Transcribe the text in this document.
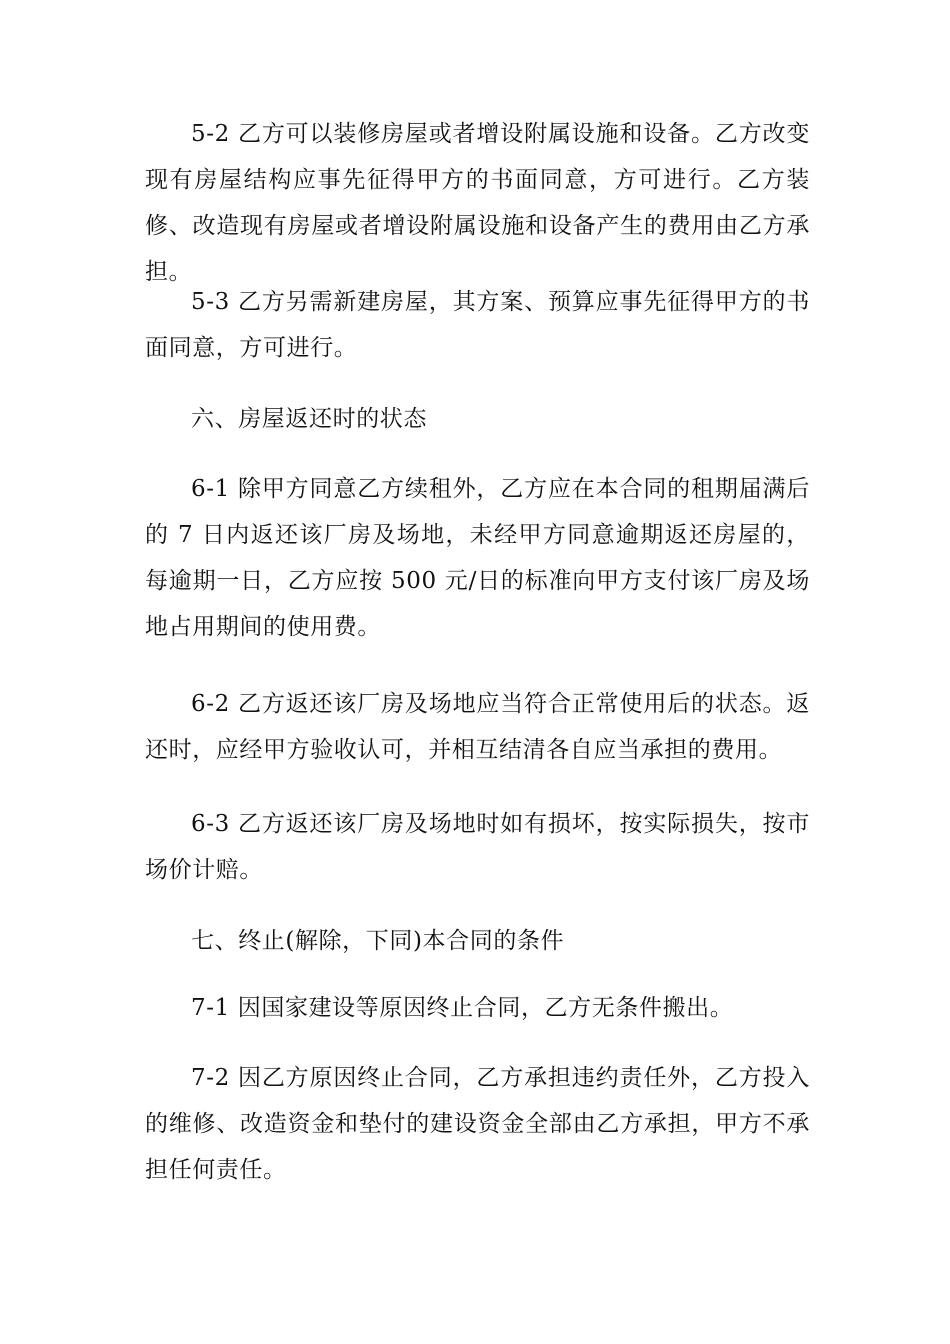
5-2 乙方可以装修房屋或者增设附属设施和设备。乙方改变现有房屋结构应事先征得甲方的书面同意，方可进行。乙方装修、改造现有房屋或者增设附属设施和设备产生的费用由乙方承担。

5-3 乙方另需新建房屋，其方案、预算应事先征得甲方的书面同意，方可进行。

六、房屋返还时的状态

6-1 除甲方同意乙方续租外，乙方应在本合同的租期届满后的 7 日内返还该厂房及场地，未经甲方同意逾期返还房屋的，每逾期一日，乙方应按 500 元/日的标准向甲方支付该厂房及场地占用期间的使用费。

6-2 乙方返还该厂房及场地应当符合正常使用后的状态。返还时，应经甲方验收认可，并相互结清各自应当承担的费用。

6-3 乙方返还该厂房及场地时如有损坏，按实际损失，按市场价计赔。

七、终止(解除，下同)本合同的条件

7-1 因国家建设等原因终止合同，乙方无条件搬出。

7-2 因乙方原因终止合同，乙方承担违约责任外，乙方投入的维修、改造资金和垫付的建设资金全部由乙方承担，甲方不承担任何责任。
